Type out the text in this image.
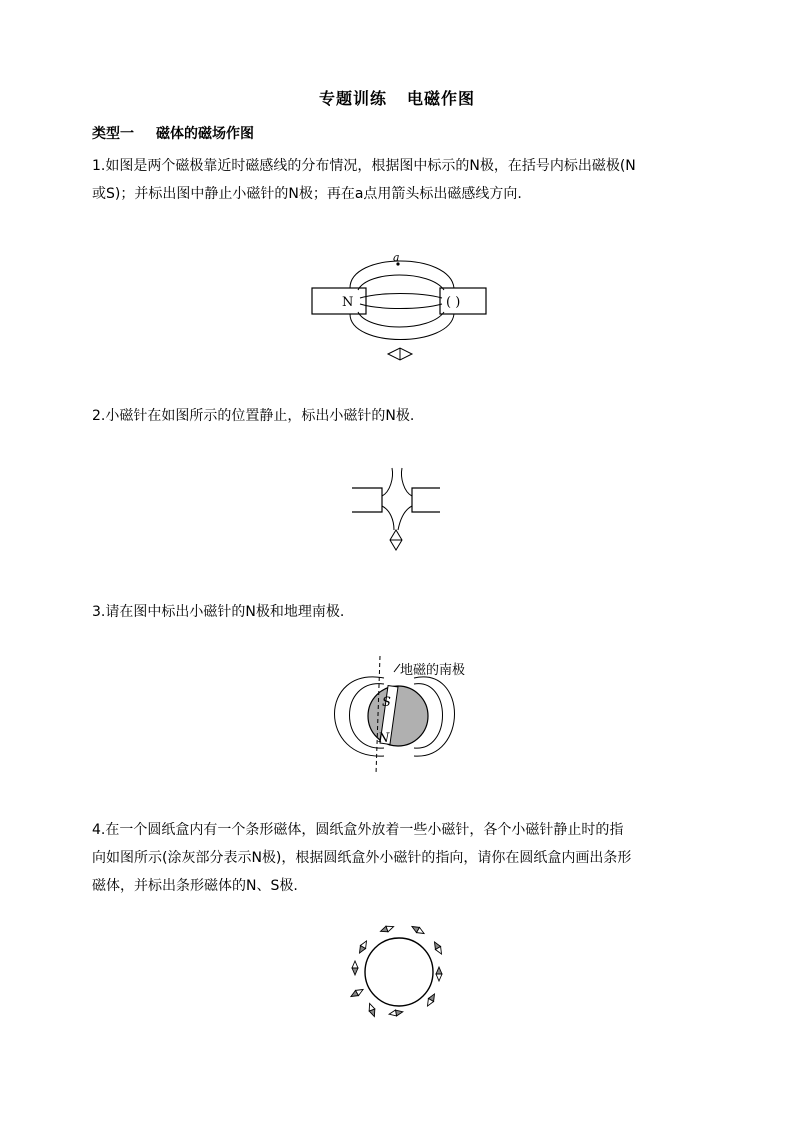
专题训练 电磁作图
类型一 磁体的磁场作图
1.如图是两个磁极靠近时磁感线的分布情况，根据图中标示的N极，在括号内标出磁极(N
或S)；并标出图中静止小磁针的N极；再在a点用箭头标出磁感线方向.
N	( )
a
2.小磁针在如图所示的位置静止，标出小磁针的N极.
3.请在图中标出小磁针的N极和地理南极.
S
N
地磁的南极
4.在一个圆纸盒内有一个条形磁体，圆纸盒外放着一些小磁针，各个小磁针静止时的指
向如图所示(涂灰部分表示N极)，根据圆纸盒外小磁针的指向，请你在圆纸盒内画出条形
磁体，并标出条形磁体的N、S极.
